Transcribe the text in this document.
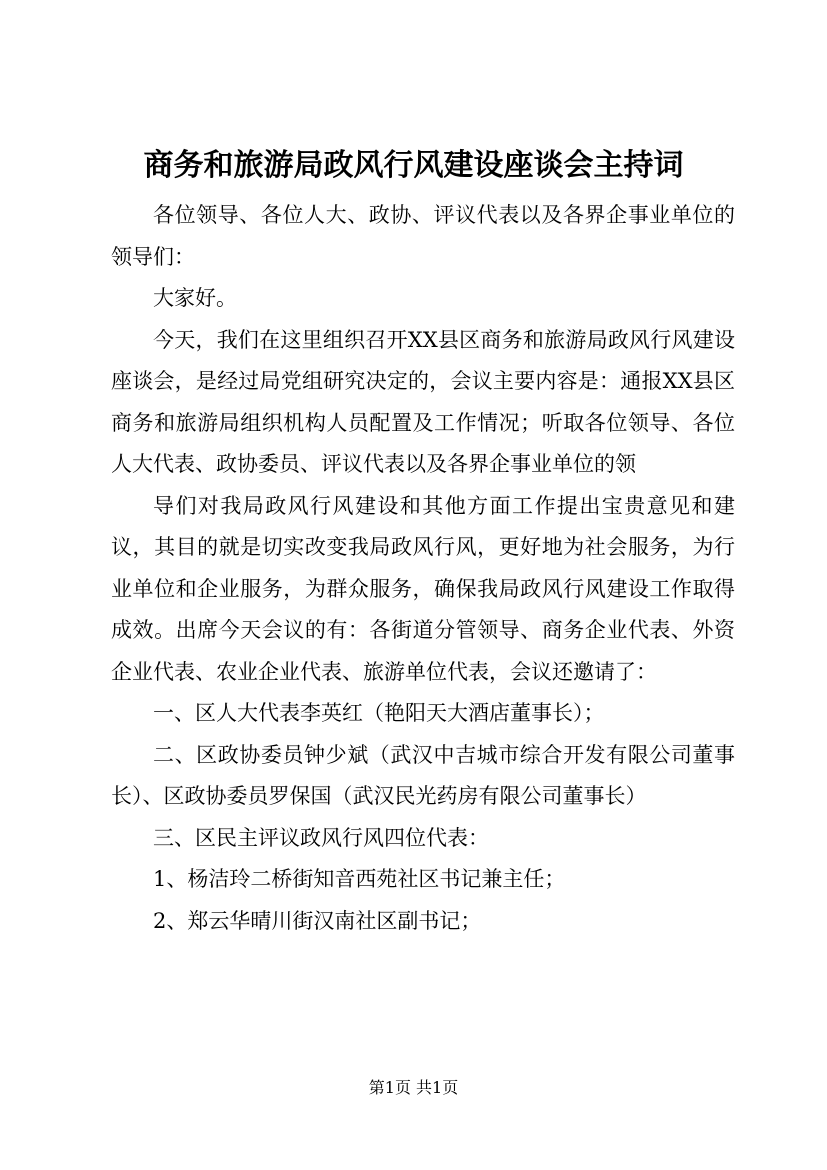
商务和旅游局政风行风建设座谈会主持词

各位领导、各位人大、政协、评议代表以及各界企事业单位的领导们：

大家好。

今天，我们在这里组织召开XX县区商务和旅游局政风行风建设座谈会，是经过局党组研究决定的，会议主要内容是：通报XX县区商务和旅游局组织机构人员配置及工作情况；听取各位领导、各位人大代表、政协委员、评议代表以及各界企事业单位的领

导们对我局政风行风建设和其他方面工作提出宝贵意见和建议，其目的就是切实改变我局政风行风，更好地为社会服务，为行业单位和企业服务，为群众服务，确保我局政风行风建设工作取得成效。出席今天会议的有：各街道分管领导、商务企业代表、外资企业代表、农业企业代表、旅游单位代表，会议还邀请了：

一、区人大代表李英红（艳阳天大酒店董事长）；

二、区政协委员钟少斌（武汉中吉城市综合开发有限公司董事长）、区政协委员罗保国（武汉民光药房有限公司董事长）

三、区民主评议政风行风四位代表：

1、杨洁玲二桥街知音西苑社区书记兼主任；

2、郑云华晴川街汉南社区副书记；

第1页 共1页
